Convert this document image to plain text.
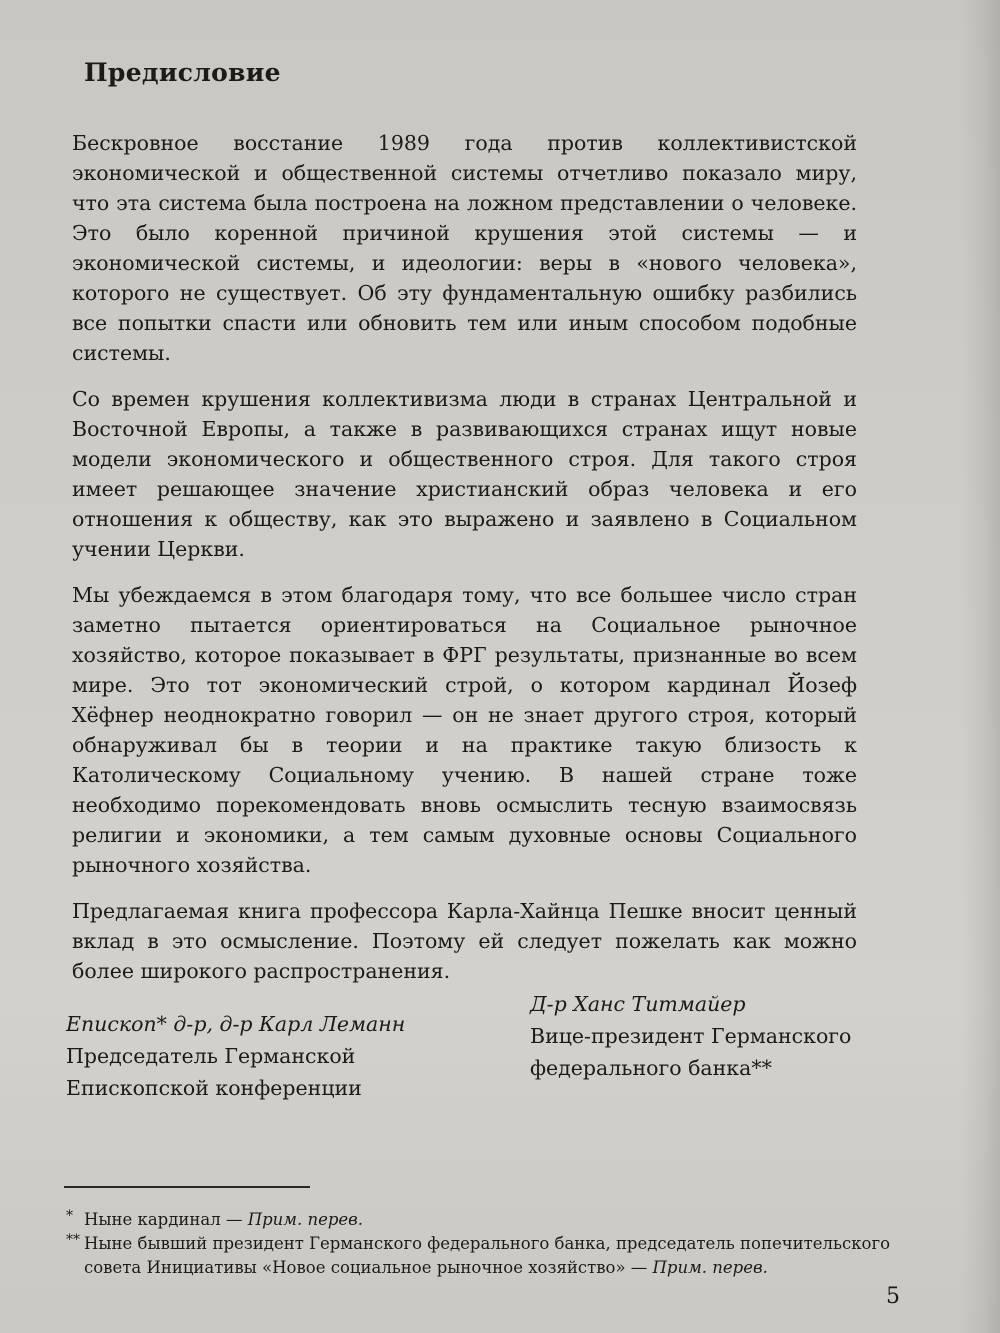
Предисловие

Бескровное восстание 1989 года против коллективистской экономической и общественной системы отчетливо показало миру, что эта система была построена на ложном представлении о человеке. Это было коренной причиной крушения этой системы — и экономической системы, и идеологии: веры в «нового человека», которого не существует. Об эту фундаментальную ошибку разбились все попытки спасти или обновить тем или иным способом подобные системы.

Со времен крушения коллективизма люди в странах Центральной и Восточной Европы, а также в развивающихся странах ищут новые модели экономического и общественного строя. Для такого строя имеет решающее значение христианский образ человека и его отношения к обществу, как это выражено и заявлено в Социальном учении Церкви.

Мы убеждаемся в этом благодаря тому, что все большее число стран заметно пытается ориентироваться на Социальное рыночное хозяйство, которое показывает в ФРГ результаты, признанные во всем мире. Это тот экономический строй, о котором кардинал Йозеф Хёфнер неоднократно говорил — он не знает другого строя, который обнаруживал бы в теории и на практике такую близость к Католическому Социальному учению. В нашей стране тоже необходимо порекомендовать вновь осмыслить тесную взаимосвязь религии и экономики, а тем самым духовные основы Социального рыночного хозяйства.

Предлагаемая книга профессора Карла-Хайнца Пешке вносит ценный вклад в это осмысление. Поэтому ей следует пожелать как можно более широкого распространения.

Епископ* д-р, д-р Карл Леманн
Председатель Германской
Епископской конференции
Д-р Ханс Титмайер
Вице-президент Германского
федерального банка**
* Ныне кардинал — Прим. перев.
** Ныне бывший президент Германского федерального банка, председатель попечительского совета Инициативы «Новое социальное рыночное хозяйство» — Прим. перев.
5
